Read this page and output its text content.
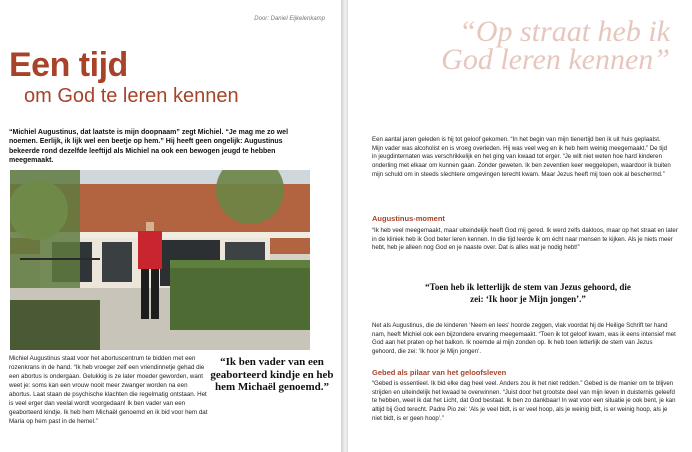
Door: Daniel Eijkelenkamp
Een tijd
om God te leren kennen

“Michiel Augustinus, dat laatste is mijn doopnaam” zegt Michiel. “Je mag me zo wel noemen. Eerlijk, ik lijk wel een beetje op hem.” Hij heeft geen ongelijk: Augustinus bekeerde rond dezelfde leeftijd als Michiel na ook een bewogen jeugd te hebben meegemaakt.

Michiel Augustinus staat voor het abortuscentrum te bidden met een rozenkrans in de hand. “Ik heb vroeger zelf een vriendinnetje gehad die een abortus is ondergaan. Gelukkig is ze later moeder geworden, want weet je: soms kan een vrouw nooit meer zwanger worden na een abortus. Laat staan de psychische klachten die regelmatig ontstaan. Het is veel erger dan veelal wordt voorgedaan! Ik ben vader van een geaborteerd kindje. Ik heb hem Michaël genoemd en ik bid voor hem dat Maria op hem past in de hemel.”

“Ik ben vader van een geaborteerd kindje en heb hem Michaël genoemd.”

“Op straat heb ik God leren kennen”

Een aantal jaren geleden is hij tot geloof gekomen. “In het begin van mijn tienertijd ben ik uit huis geplaatst. Mijn vader was alcoholist en is vroeg overleden. Hij was veel weg en ik heb hem weinig meegemaakt.” De tijd in jeugdinternaten was verschrikkelijk en het ging van kwaad tot erger. “Je wilt niet weten hoe hard kinderen onderling met elkaar om kunnen gaan. Zonder geweten. Ik ben zeventien keer weggelopen, waardoor ik buiten mijn schuld om in steeds slechtere omgevingen terecht kwam. Maar Jezus heeft mij toen ook al beschermd.”

Augustinus-moment

“Ik heb veel meegemaakt, maar uiteindelijk heeft God mij gered. Ik werd zelfs dakloos, maar op het straat en later in de kliniek heb ik God beter leren kennen. In die tijd leerde ik om écht naar mensen te kijken. Als je niets meer hebt, heb je alleen nog God en je naaste over. Dat is alles wat je nodig hebt!”

“Toen heb ik letterlijk de stem van Jezus gehoord, die zei: ‘Ik hoor je Mijn jongen’.”

Net als Augustinus, die de kinderen ‘Neem en lees’ hoorde zeggen, vlak voordat hij de Heilige Schrift ter hand nam, heeft Michiel ook een bijzondere ervaring meegemaakt. “Toen ik tot geloof kwam, was ik eens intensief met God aan het praten op het balkon. Ik noemde al mijn zonden op. Ik heb toen letterlijk de stem van Jezus gehoord, die zei: ‘Ik hoor je Mijn jongen’.

Gebed als pilaar van het geloofsleven

“Gebed is essentieel. Ik bid elke dag heel veel. Anders zou ik het niet redden.” Gebed is de manier om te blijven strijden en uiteindelijk het kwaad te overwinnen. “Juist door het grootste deel van mijn leven in duisternis geleefd te hebben, weet ik dat het Licht, dat God bestaat. Ik ben zo dankbaar! In wat voor een situatie je ook bent, je kan altijd bij God terecht. Padre Pio zei: ‘Als je veel bidt, is er veel hoop, als je weinig bidt, is er weinig hoop, als je niet bidt, is er geen hoop’.”
